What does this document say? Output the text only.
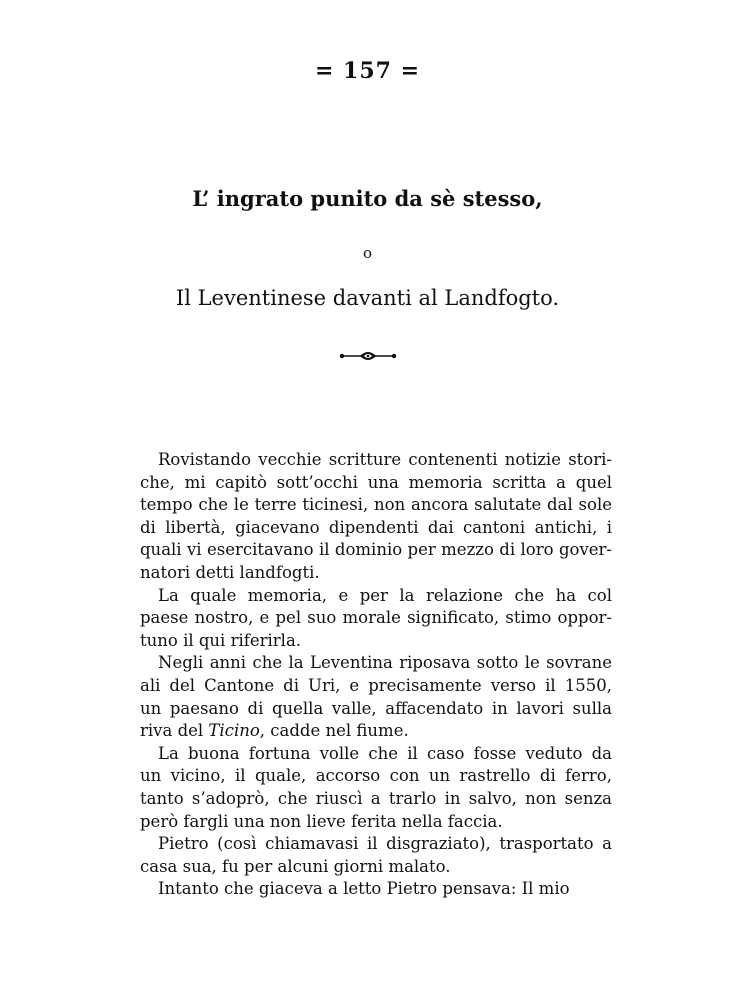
= 157 =
L’ ingrato punito da sè stesso,
o
Il Leventinese davanti al Landfogto.
Rovistando vecchie scritture contenenti notizie stori-
che, mi capitò sott’occhi una memoria scritta a quel
tempo che le terre ticinesi, non ancora salutate dal sole
di libertà, giacevano dipendenti dai cantoni antichi, i
quali vi esercitavano il dominio per mezzo di loro gover-
natori detti landfogti.
La quale memoria, e per la relazione che ha col
paese nostro, e pel suo morale significato, stimo oppor-
tuno il qui riferirla.
Negli anni che la Leventina riposava sotto le sovrane
ali del Cantone di Uri, e precisamente verso il 1550,
un paesano di quella valle, affacendato in lavori sulla
riva del Ticino, cadde nel fiume.
La buona fortuna volle che il caso fosse veduto da
un vicino, il quale, accorso con un rastrello di ferro,
tanto s’adoprò, che riuscì a trarlo in salvo, non senza
però fargli una non lieve ferita nella faccia.
Pietro (così chiamavasi il disgraziato), trasportato a
casa sua, fu per alcuni giorni malato.
Intanto che giaceva a letto Pietro pensava: Il mio
